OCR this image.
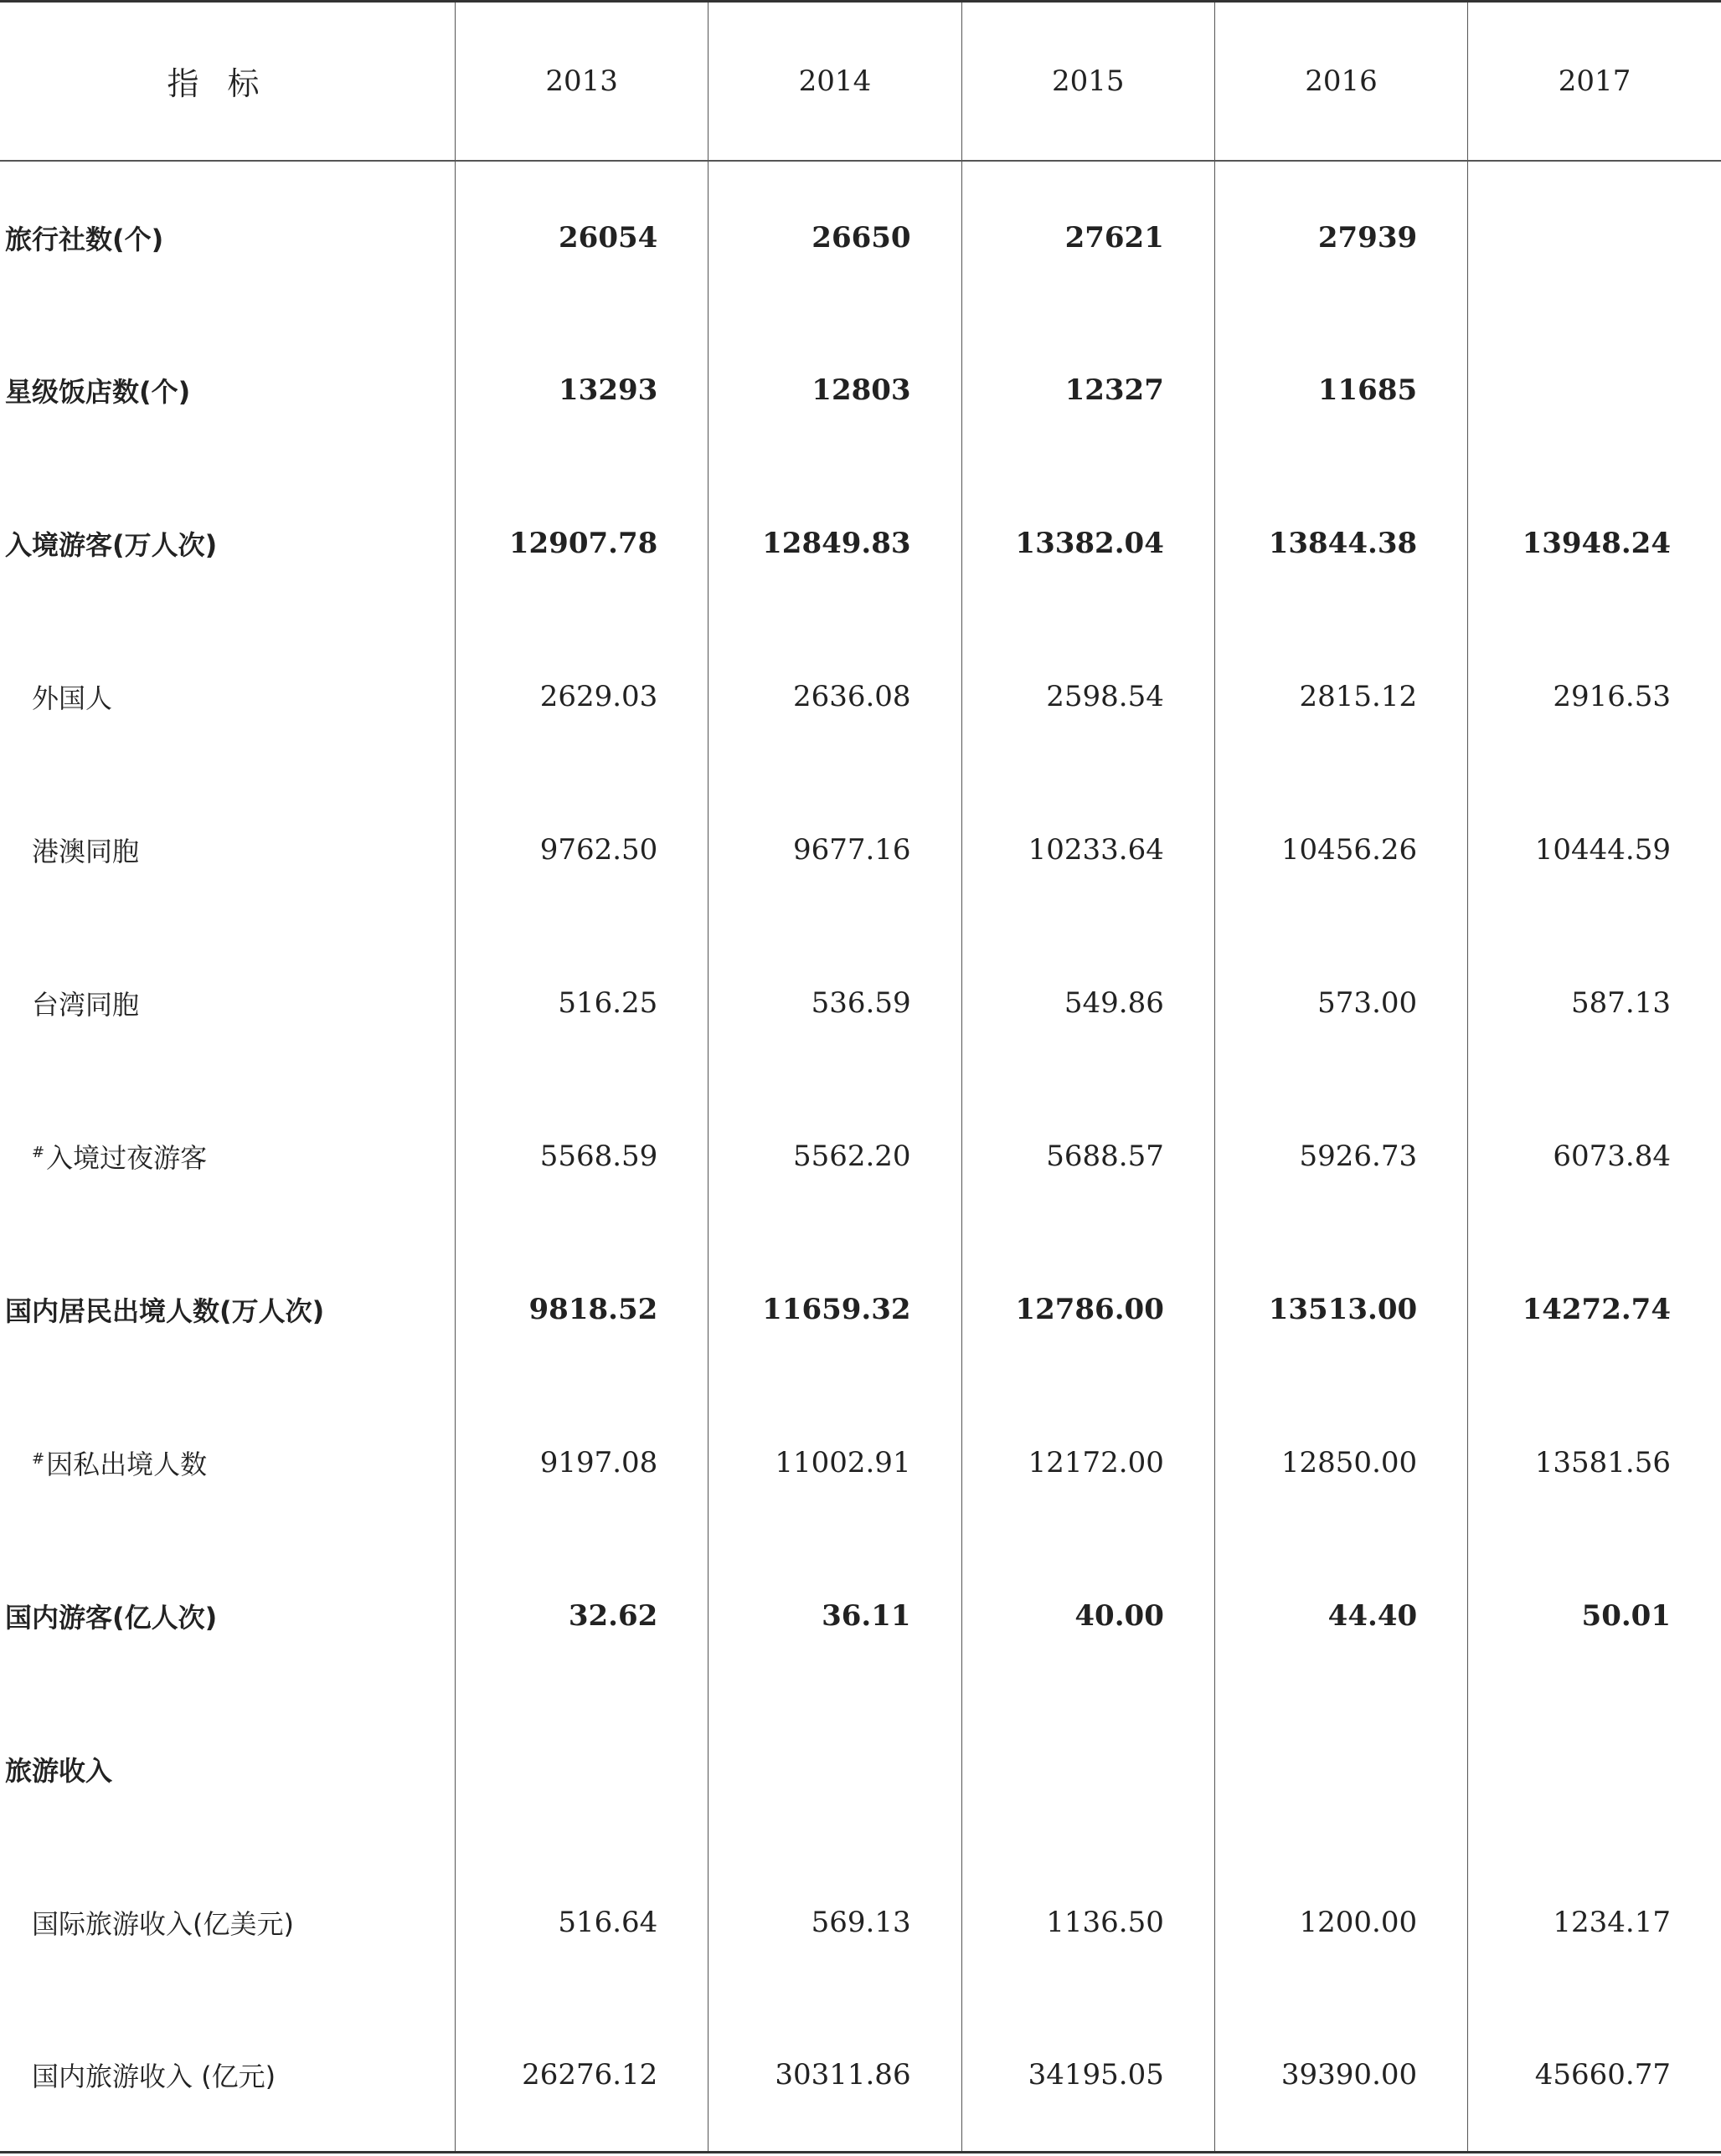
指标	2013	2014	2015	2016	2017
旅行社数(个)	26054	26650	27621	27939	
星级饭店数(个)	13293	12803	12327	11685	
入境游客(万人次)	12907.78	12849.83	13382.04	13844.38	13948.24
外国人	2629.03	2636.08	2598.54	2815.12	2916.53
港澳同胞	9762.50	9677.16	10233.64	10456.26	10444.59
台湾同胞	516.25	536.59	549.86	573.00	587.13
#入境过夜游客	5568.59	5562.20	5688.57	5926.73	6073.84
国内居民出境人数(万人次)	9818.52	11659.32	12786.00	13513.00	14272.74
#因私出境人数	9197.08	11002.91	12172.00	12850.00	13581.56
国内游客(亿人次)	32.62	36.11	40.00	44.40	50.01
旅游收入					
国际旅游收入(亿美元)	516.64	569.13	1136.50	1200.00	1234.17
国内旅游收入 (亿元)	26276.12	30311.86	34195.05	39390.00	45660.77
